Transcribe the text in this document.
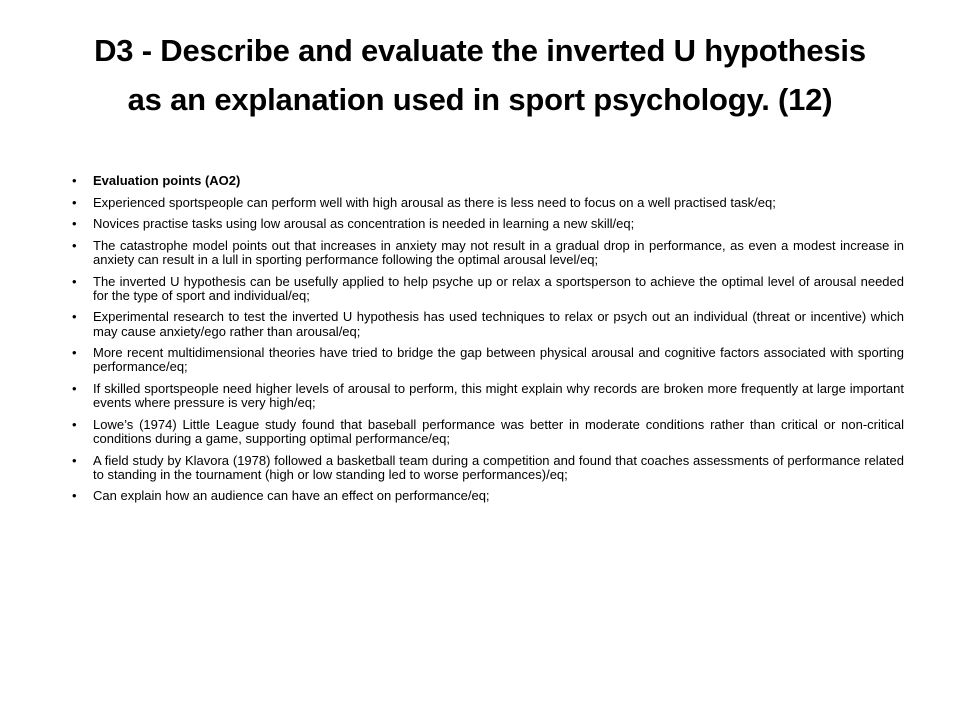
D3 - Describe and evaluate the inverted U hypothesis
as an explanation used in sport psychology. (12)
• Evaluation points (AO2)
• Experienced sportspeople can perform well with high arousal as there is less need to focus on a well practised task/eq;
• Novices practise tasks using low arousal as concentration is needed in learning a new skill/eq;
• The catastrophe model points out that increases in anxiety may not result in a gradual drop in performance, as even a modest increase in anxiety can result in a lull in sporting performance following the optimal arousal level/eq;
• The inverted U hypothesis can be usefully applied to help psyche up or relax a sportsperson to achieve the optimal level of arousal needed for the type of sport and individual/eq;
• Experimental research to test the inverted U hypothesis has used techniques to relax or psych out an individual (threat or incentive) which may cause anxiety/ego rather than arousal/eq;
• More recent multidimensional theories have tried to bridge the gap between physical arousal and cognitive factors associated with sporting performance/eq;
• If skilled sportspeople need higher levels of arousal to perform, this might explain why records are broken more frequently at large important events where pressure is very high/eq;
• Lowe’s (1974) Little League study found that baseball performance was better in moderate conditions rather than critical or non-critical conditions during a game, supporting optimal performance/eq;
• A field study by Klavora (1978) followed a basketball team during a competition and found that coaches assessments of performance related to standing in the tournament (high or low standing led to worse performances)/eq;
• Can explain how an audience can have an effect on performance/eq;
